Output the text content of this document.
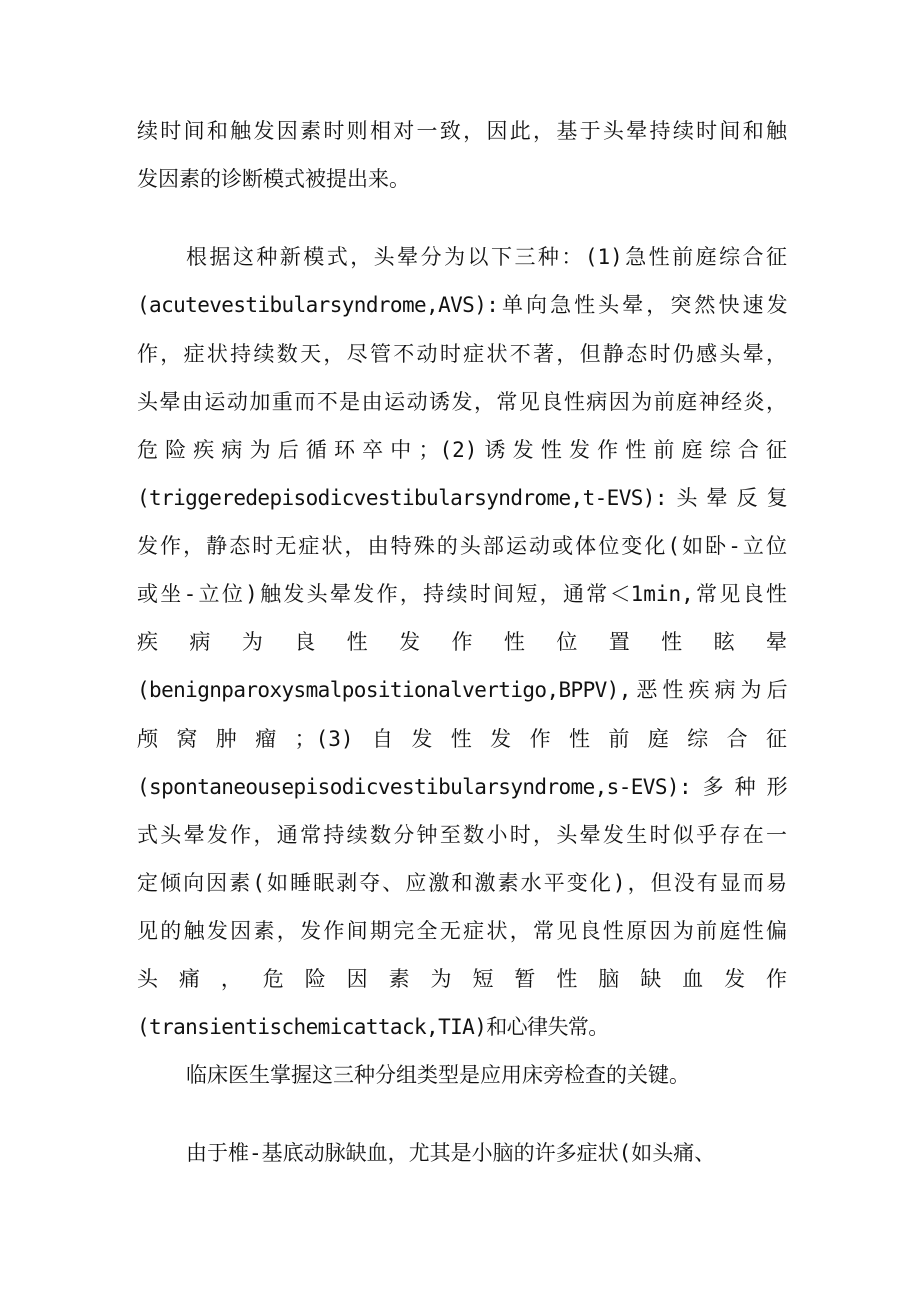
续时间和触发因素时则相对一致，因此，基于头晕持续时间和触
发因素的诊断模式被提出来。
根据这种新模式，头晕分为以下三种：(1)急性前庭综合征
(acutevestibularsyndrome,AVS):单向急性头晕，突然快速发
作，症状持续数天，尽管不动时症状不著，但静态时仍感头晕，
头晕由运动加重而不是由运动诱发，常见良性病因为前庭神经炎，
危险疾病为后循环卒中；(2)诱发性发作性前庭综合征
(triggeredepisodicvestibularsyndrome,t-EVS):头晕反复
发作，静态时无症状，由特殊的头部运动或体位变化(如卧-立位
或坐-立位)触发头晕发作，持续时间短，通常＜1min,常见良性
疾病为良性发作性位置性眩晕
(benignparoxysmalpositionalvertigo,BPPV),恶性疾病为后
颅窝肿瘤；(3)自发性发作性前庭综合征
(spontaneousepisodicvestibularsyndrome,s-EVS):多种形
式头晕发作，通常持续数分钟至数小时，头晕发生时似乎存在一
定倾向因素(如睡眠剥夺、应激和激素水平变化)，但没有显而易
见的触发因素，发作间期完全无症状，常见良性原因为前庭性偏
头痛，危险因素为短暂性脑缺血发作
(transientischemicattack,TIA)和心律失常。
临床医生掌握这三种分组类型是应用床旁检查的关键。
由于椎-基底动脉缺血，尤其是小脑的许多症状(如头痛、
